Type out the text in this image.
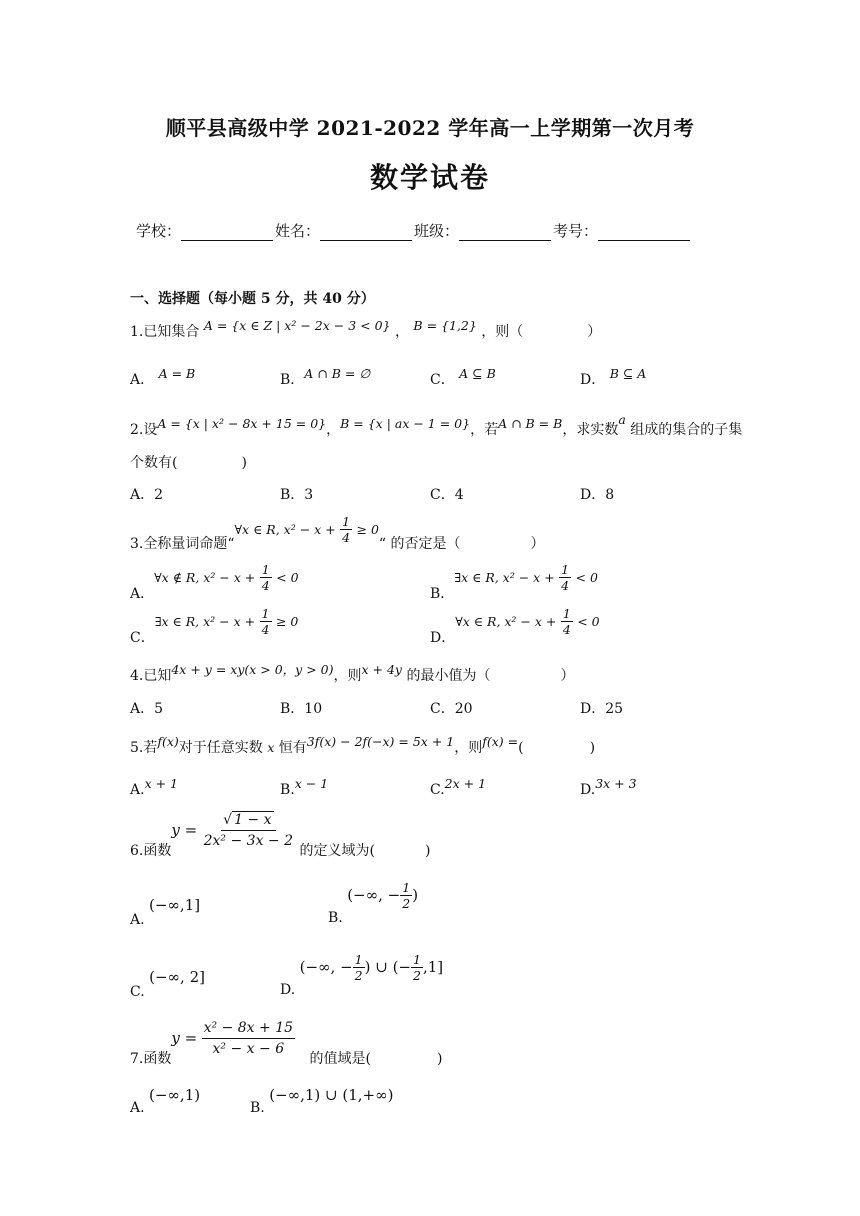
顺平县高级中学 2021-2022 学年高一上学期第一次月考
数学试卷
学校：	姓名：	班级：	考号：
一、选择题（每小题 5 分，共 40 分）
1.已知集合 A = {x ∈ Z | x² − 2x − 3 < 0} ， B = {1,2} ，则（	）
A． A = B	B．A ∩ B = ∅	C． A ⊆ B	D． B ⊆ A
2.设A = {x | x² − 8x + 15 = 0}，B = {x | ax − 1 = 0}，若A ∩ B = B，求实数a 组成的集合的子集
个数有(	)
A．2	B．3	C．4	D．8
3.全称量词命题“∀x ∈ R, $x^2 - x + \frac{1}{4}$ ≥ 0“ 的否定是（	）
A．∀x ∉ R, $x^2 - x + \frac{1}{4} < 0$
B．∃x ∈ R, $x^2 - x + \frac{1}{4} < 0$
C．∃x ∈ R, $x^2 - x + \frac{1}{4} \ge 0$
D．∀x ∈ R, $x^2 - x + \frac{1}{4} < 0$
4.已知4x + y = xy(x > 0，y > 0)，则x + 4y 的最小值为（	）
A．5	B．10	C．20	D．25
5.若f(x)对于任意实数 x 恒有3f(x) − 2f(−x) = 5x + 1，则f(x) =(	)
A.x + 1	B.x − 1	C.2x + 1	D.3x + 3
6.函数$y = \frac{√ 1 - x}{\text{2x² − 3x − 2}}$ 的定义域为(	)
A. (−∞,1]
B. (−∞, − $\frac{1}{2}$ )
C. (−∞, 2]
D. (−∞, − $\frac{1}{2}$ ) ∪ (− $\frac{1}{2} ,1$]
7.函数$y = \frac{\text{x² − 8x + 15}}{\text{x² − x − 6}}$ 的值域是(	)
A. (−∞,1)
B. (−∞,1) ∪ (1,+∞)
